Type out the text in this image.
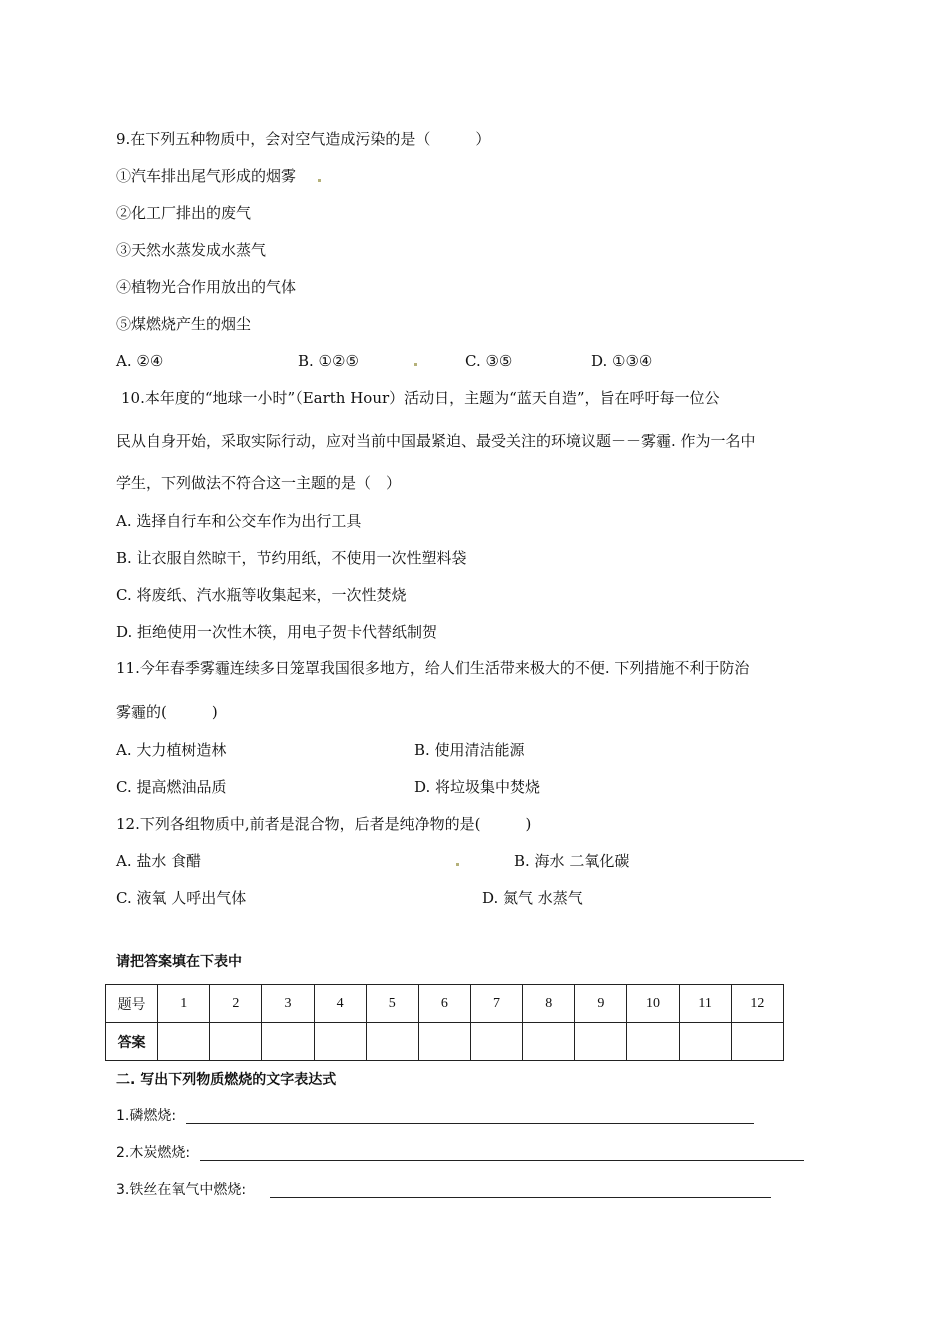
9.在下列五种物质中，会对空气造成污染的是（　　　）
①汽车排出尾气形成的烟雾
②化工厂排出的废气
③天然水蒸发成水蒸气
④植物光合作用放出的气体
⑤煤燃烧产生的烟尘
A. ②④	B. ①②⑤	C. ③⑤	D. ①③④
10.本年度的“地球一小时”（Earth Hour）活动日，主题为“蓝天自造”，旨在呼吁每一位公
民从自身开始，采取实际行动，应对当前中国最紧迫、最受关注的环境议题－－雾霾. 作为一名中
学生，下列做法不符合这一主题的是（　）
A. 选择自行车和公交车作为出行工具
B. 让衣服自然晾干，节约用纸，不使用一次性塑料袋
C. 将废纸、汽水瓶等收集起来，一次性焚烧
D. 拒绝使用一次性木筷，用电子贺卡代替纸制贺
11.今年春季雾霾连续多日笼罩我国很多地方，给人们生活带来极大的不便. 下列措施不利于防治
雾霾的(　　　)
A. 大力植树造林	B. 使用清洁能源
C. 提高燃油品质	D. 将垃圾集中焚烧
12.下列各组物质中,前者是混合物，后者是纯净物的是(　　　)
A. 盐水 食醋	B. 海水 二氧化碳
C. 液氧 人呼出气体	D. 氮气 水蒸气
请把答案填在下表中
题号	1	2	3	4	5	6	7	8	9	10	11	12
答案												
二. 写出下列物质燃烧的文字表达式
1.磷燃烧:
2.木炭燃烧:
3.铁丝在氧气中燃烧:
